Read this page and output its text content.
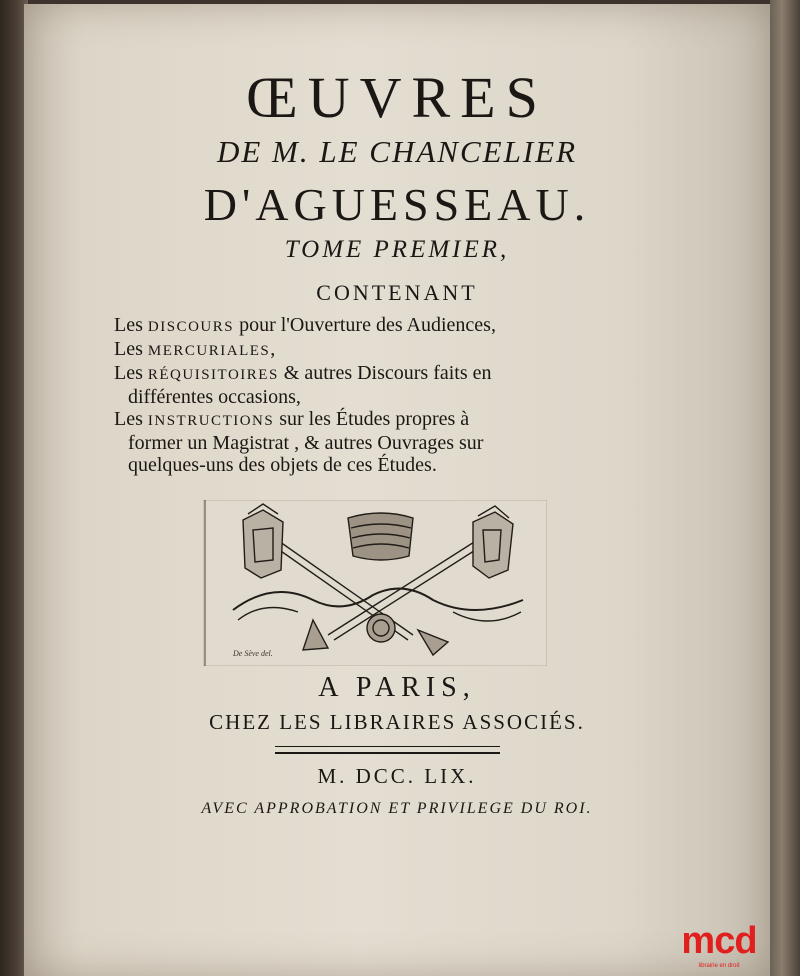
ŒUVRES
DE M. LE CHANCELIER
D'AGUESSEAU.
TOME PREMIER,
CONTENANT
Les DISCOURS pour l'Ouverture des Audiences,
Les MERCURIALES,
Les RÉQUISITOIRES & autres Discours faits en
différentes occasions,
Les INSTRUCTIONS sur les Études propres à
former un Magistrat , & autres Ouvrages sur
quelques-uns des objets de ces Études.
De Sève del.
A PARIS,
CHEZ LES LIBRAIRES ASSOCIÉS.
M. DCC. LIX.
AVEC APPROBATION ET PRIVILEGE DU ROI.
mcd
librairie en droit
